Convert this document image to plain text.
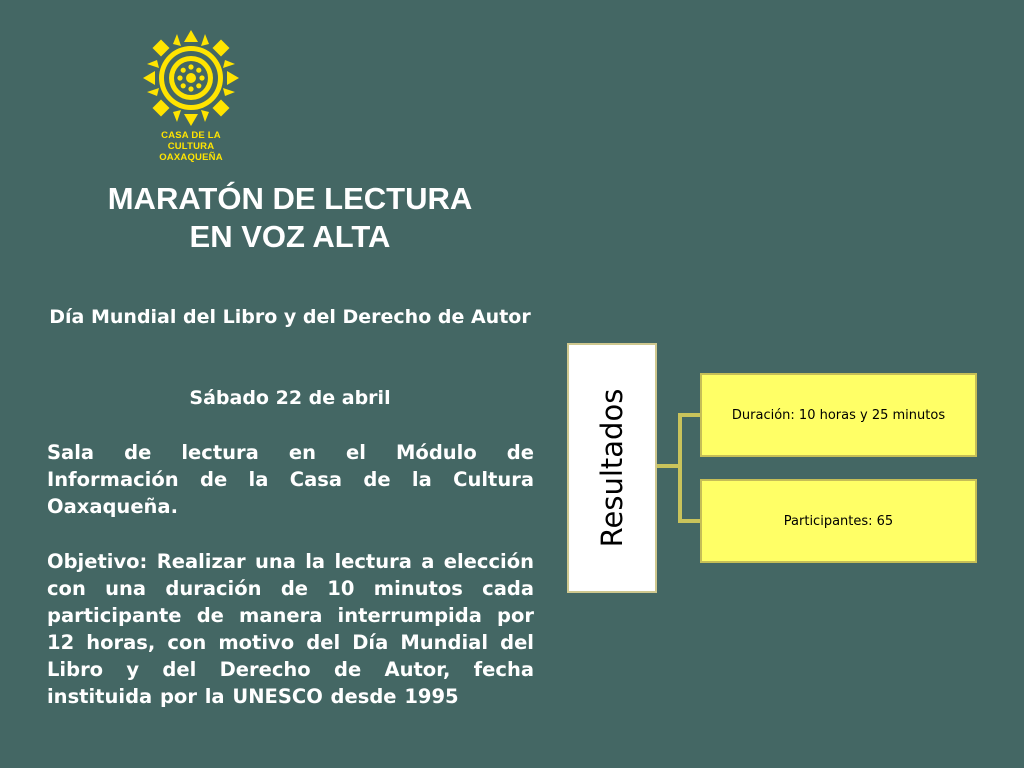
CASA DE LA CULTURA
OAXAQUEÑA
MARATÓN DE LECTURA
EN VOZ ALTA
Día Mundial del Libro y del Derecho de Autor
Sábado 22 de abril
Sala de lectura en el Módulo de Información de la Casa de la Cultura Oaxaqueña.
Objetivo: Realizar una la lectura a elección con una duración de 10 minutos cada participante de manera interrumpida por 12 horas, con motivo del Día Mundial del Libro y del Derecho de Autor, fecha instituida por la UNESCO desde 1995
Resultados	Duración: 10 horas y 25 minutos
Participantes: 65
